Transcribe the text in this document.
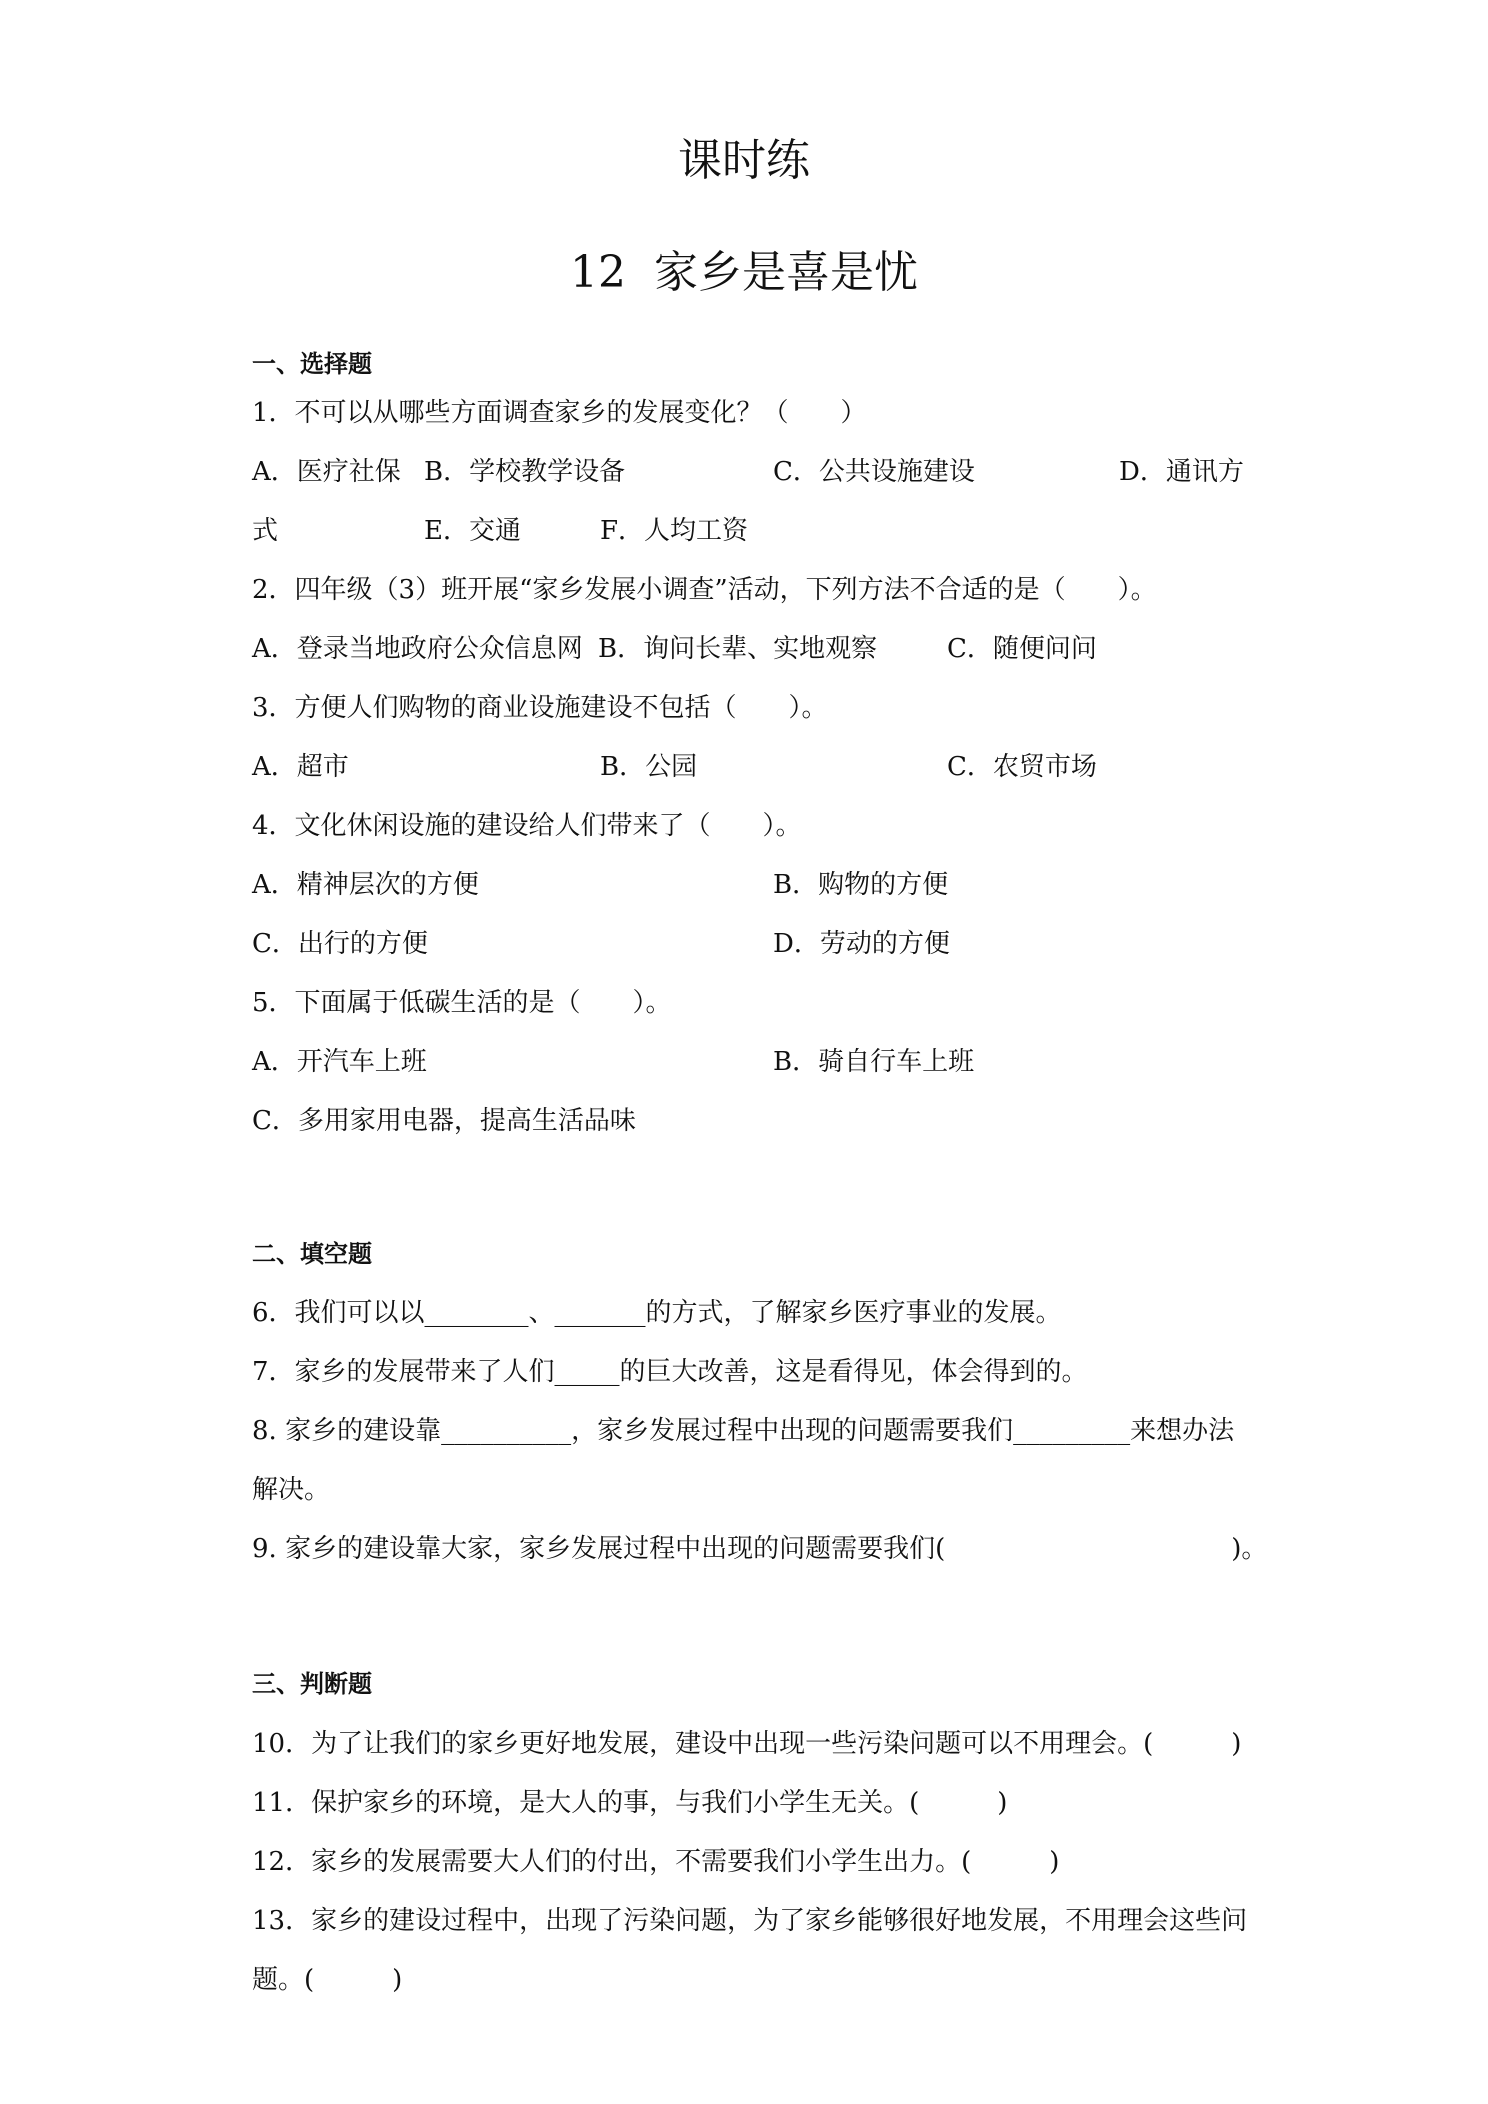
课时练
12  家乡是喜是忧
一、选择题
1．不可以从哪些方面调查家乡的发展变化？（　　）
A．医疗社保 B．学校教学设备	C．公共设施建设	D．通讯方
式	E．交通	F．人均工资
2．四年级（3）班开展“家乡发展小调查”活动，下列方法不合适的是（　　）。
A．登录当地政府公众信息网 B．询问长辈、实地观察	C．随便问问
3．方便人们购物的商业设施建设不包括（　　）。
A．超市	B．公园	C．农贸市场
4．文化休闲设施的建设给人们带来了（　　）。
A．精神层次的方便	B．购物的方便
C．出行的方便	D．劳动的方便
5．下面属于低碳生活的是（　　）。
A．开汽车上班	B．骑自行车上班
C．多用家用电器，提高生活品味
二、填空题
6．我们可以以________、_______的方式，了解家乡医疗事业的发展。
7．家乡的发展带来了人们_____的巨大改善，这是看得见，体会得到的。
8. 家乡的建设靠__________，家乡发展过程中出现的问题需要我们_________来想办法
解决。
9. 家乡的建设靠大家，家乡发展过程中出现的问题需要我们(　　　　　　　　　　　)。
三、判断题
10．为了让我们的家乡更好地发展，建设中出现一些污染问题可以不用理会。(　　　)
11．保护家乡的环境，是大人的事，与我们小学生无关。(　　　)
12．家乡的发展需要大人们的付出，不需要我们小学生出力。(　　　)
13．家乡的建设过程中，出现了污染问题，为了家乡能够很好地发展，不用理会这些问
题。(　　　)
